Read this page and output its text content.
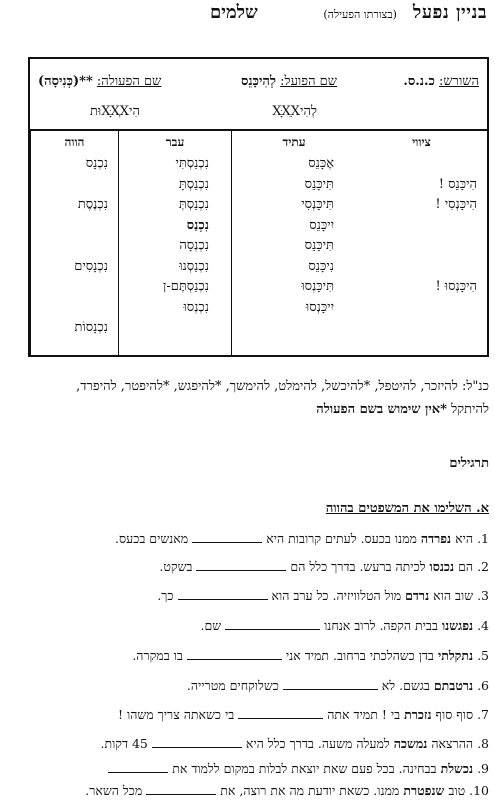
בניין נפעל
(בצורתו הפעילה)
שלמים
השורש: כ.נ.ס.
שם הפועל: לְהִיכָּנֵס
לְהִיXָּXֵX
שם הפעולה: **(כְּנִיסָה)
הִיXָּXְXוּת
הווה
נִכְנָס
נִכְנֶסֶת
נִכְנָסִים
נִכְנָסוֹת
עבר
נִכְנַסְתִּי
נִכְנַסְתָּ
נִכְנַסְתְּ
נִכְנַס
נִכְנְסָה
נִכְנַסְנוּ
נִכְנַסְתֶּם-ן
נִכְנְסוּ
עתיד
אֶכָּנֵס
תִּיכָּנֵס
תִּיכָּנְסִי
יִיכָּנֵס
תִּיכָּנֵס
נִיכָּנֵס
תִּיכָּנְסוּ
יִיכָּנְסוּ
ציווי
הִיכָּנֵס !
הִיכָּנְסִי !
הִיכָּנְסוּ !
כנ"ל: להיזכר, להיטפל, *להיכשל, להימלט, להימשך, *להיפגש, *להיפטר, להיפרד,
להיתקל *אין שימוש בשם הפעולה
תרגילים
א. השלימו את המשפטים בהווה
1. היא נפרדה ממנו בכעס. לעתים קרובות היא  מאנשים בכעס.
2. הם נכנסו לכיתה ברעש. בדרך כלל הם  בשקט.
3. שוב הוא נרדם מול הטלוויזיה. כל ערב הוא  כך.
4. נפגשנו בבית הקפה. לרוב אנחנו  שם.
5. נתקלתי בדן כשהלכתי ברחוב. תמיד אני  בו במקרה.
6. נרטבתם בגשם. לא  כשלוקחים מטרייה.
7. סוף סוף נזכרת בי ! תמיד אתה  בי כשאתה צריך משהו !
8. ההרצאה נמשכה למעלה משעה. בדרך כלל היא  45 דקות.
9. נכשלת בבחינה. בכל פעם שאת יוצאת לבלות במקום ללמוד את
10. טוב שנפטרת ממנו. כשאת יודעת מה את רוצה, את  מכל השאר.
